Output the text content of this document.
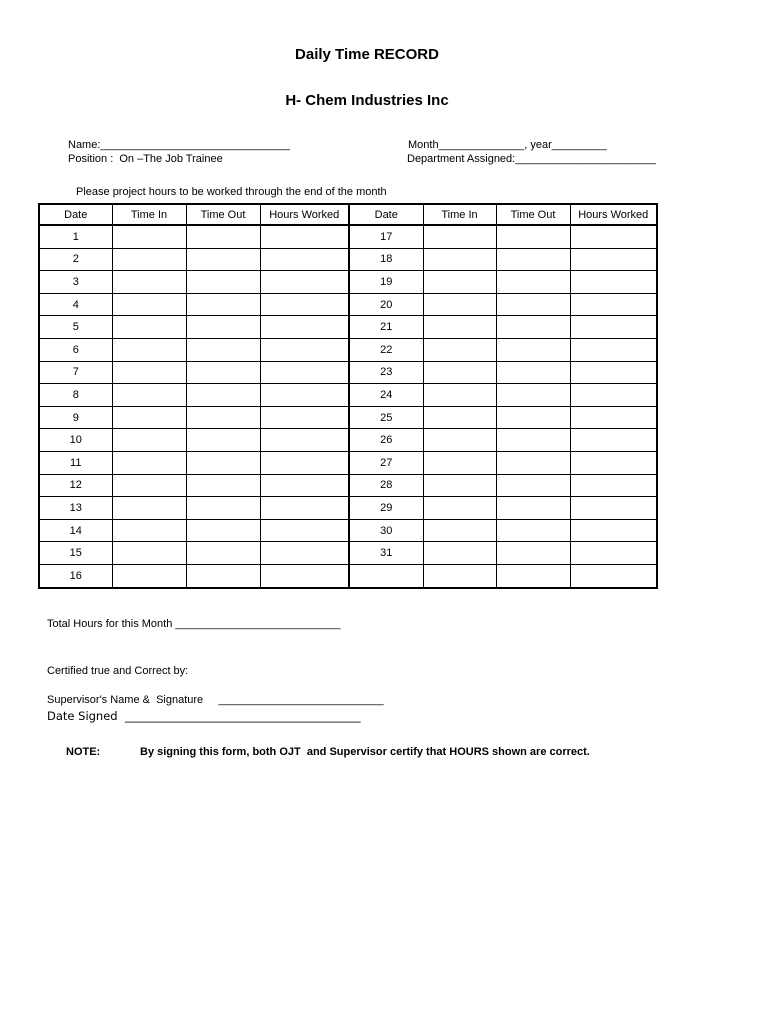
Daily Time RECORD
H- Chem Industries Inc
Name:_______________________________
Position :  On –The Job Trainee
Month______________, year_________
Department Assigned:_______________________
Please project hours to be worked through the end of the month
Date	Time In	Time Out	Hours Worked	Date	Time In	Time Out	Hours Worked
1				17			
2				18			
3				19			
4				20			
5				21			
6				22			
7				23			
8				24			
9				25			
10				26			
11				27			
12				28			
13				29			
14				30			
15				31			
16							
Total Hours for this Month ___________________________
Certified true and Correct by:
Supervisor's Name &  Signature     ___________________________
Date Signed  _________________________________________
NOTE:	By signing this form, both OJT  and Supervisor certify that HOURS shown are correct.
